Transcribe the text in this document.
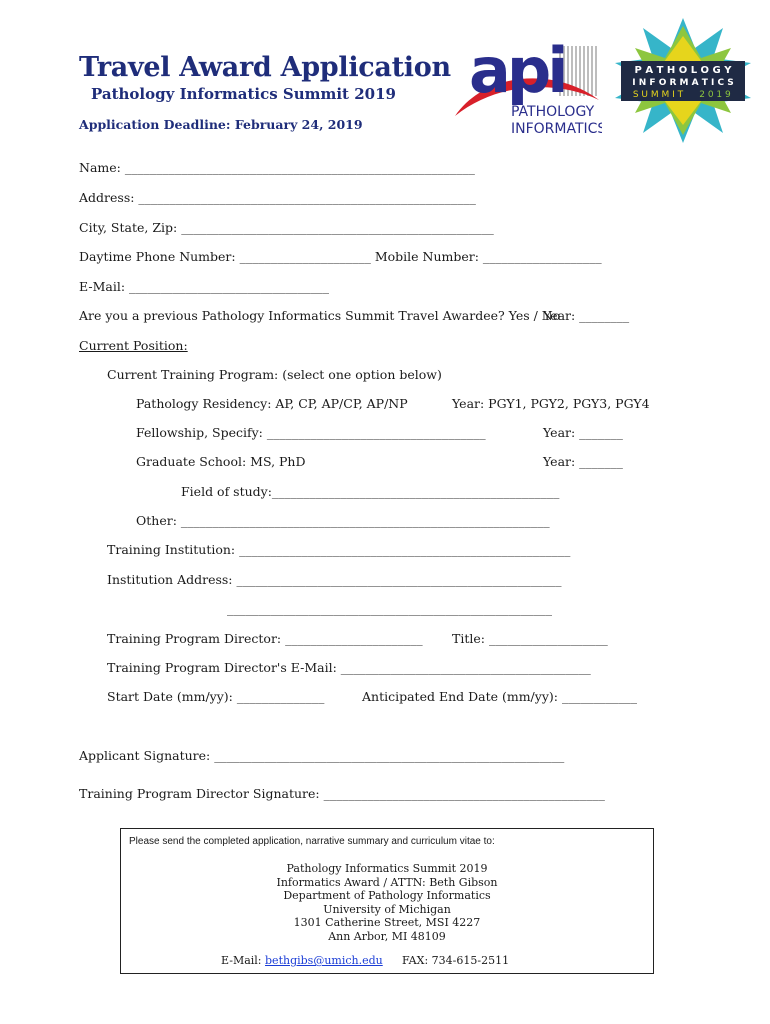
Travel Award Application
Pathology Informatics Summit 2019
Application Deadline: February 24, 2019
api
PATHOLOGY
INFORMATICS
P A T H O L O G Y
I N F O R M A T I C S
S U M M I T 2 0 1 9
Name: ________________________________________________________
Address: ______________________________________________________
City, State, Zip: __________________________________________________
Daytime Phone Number: _____________________ Mobile Number: ___________________
E-Mail: ________________________________
Are you a previous Pathology Informatics Summit Travel Awardee? Yes / No
Year: ________
Current Position:
Current Training Program: (select one option below)
Pathology Residency: AP, CP, AP/CP, AP/NP	Year: PGY1, PGY2, PGY3, PGY4
Fellowship, Specify: ___________________________________	Year: _______
Graduate School: MS, PhD	Year: _______
Field of study:______________________________________________
Other: ___________________________________________________________
Training Institution: _____________________________________________________
Institution Address: ____________________________________________________
____________________________________________________
Training Program Director: ______________________ Title: ___________________
Training Program Director's E-Mail: ________________________________________
Start Date (mm/yy): ______________	Anticipated End Date (mm/yy): ____________
Applicant Signature: ________________________________________________________
Training Program Director Signature: _____________________________________________
Please send the completed application, narrative summary and curriculum vitae to:
Pathology Informatics Summit 2019
Informatics Award / ATTN: Beth Gibson
Department of Pathology Informatics
University of Michigan
1301 Catherine Street, MSI 4227
Ann Arbor, MI 48109
E-Mail: bethgibs@umich.edu FAX: 734-615-2511
